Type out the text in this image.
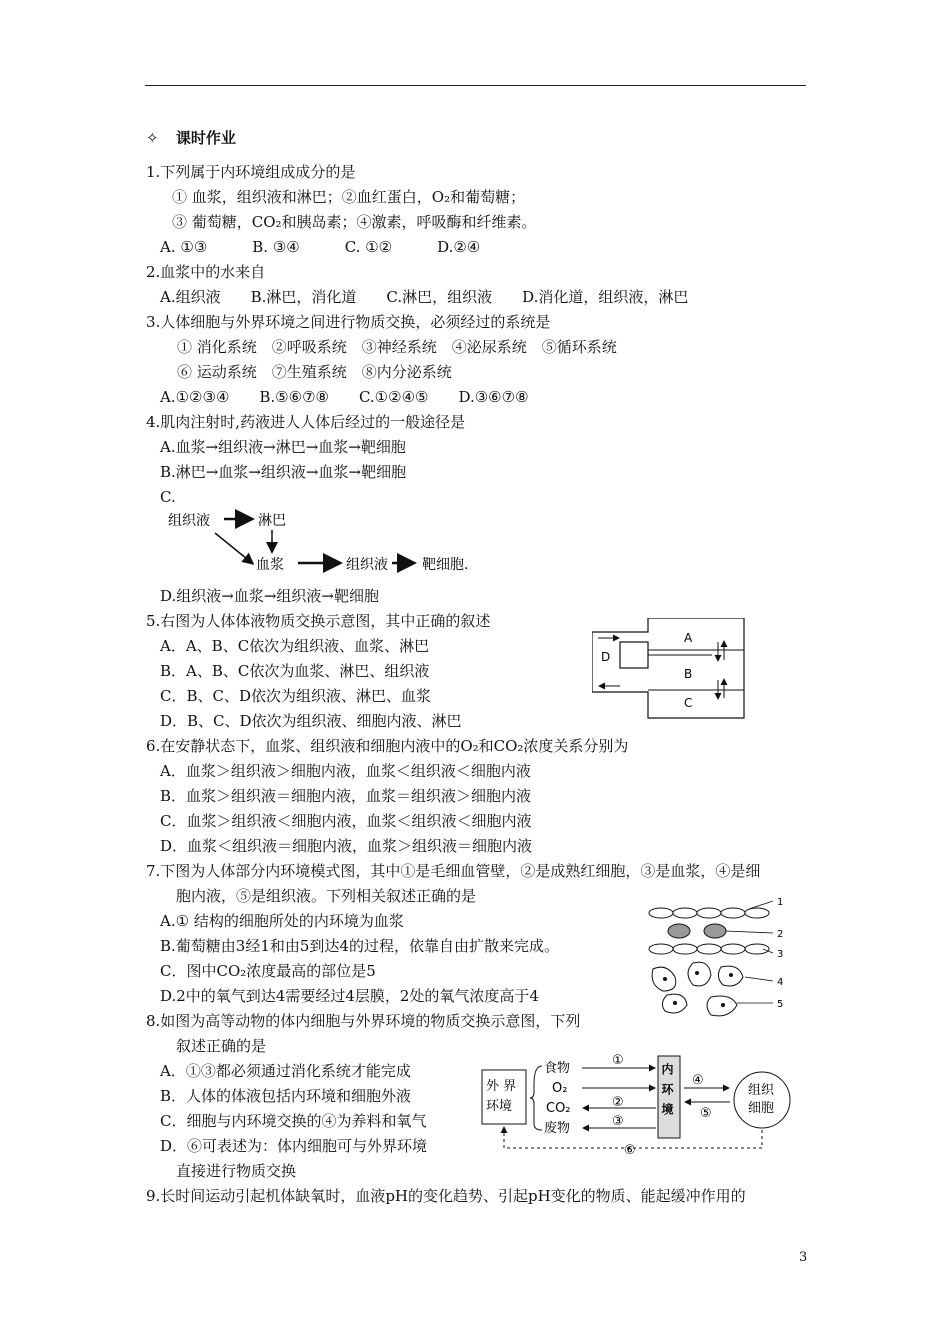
✧ 课时作业
1.下列属于内环境组成成分的是
① 血浆，组织液和淋巴；②血红蛋白，O₂和葡萄糖；
③ 葡萄糖，CO₂和胰岛素；④激素，呼吸酶和纤维素。
A. ①③　　　B. ③④　　　C. ①②　　　D.②④
2.血浆中的水来自
A.组织液　　B.淋巴，消化道　　C.淋巴，组织液　　D.消化道，组织液，淋巴
3.人体细胞与外界环境之间进行物质交换，必须经过的系统是
① 消化系统　②呼吸系统　③神经系统　④泌尿系统　⑤循环系统
⑥ 运动系统　⑦生殖系统　⑧内分泌系统
A.①②③④　　B.⑤⑥⑦⑧　　C.①②④⑤　　D.③⑥⑦⑧
4.肌肉注射时,药液进人人体后经过的一般途径是
A.血浆→组织液→淋巴→血浆→靶细胞
B.淋巴→血浆→组织液→血浆→靶细胞
C.
组织液	淋巴
血浆	组织液 靶细胞.
D.组织液→血浆→组织液→靶细胞
5.右图为人体体液物质交换示意图，其中正确的叙述
A．A、B、C依次为组织液、血浆、淋巴
B．A、B、C依次为血浆、淋巴、组织液
C．B、C、D依次为组织液、淋巴、血浆
D．B、C、D依次为组织液、细胞内液、淋巴
D
A
B
C
6.在安静状态下，血浆、组织液和细胞内液中的O₂和CO₂浓度关系分别为
A．血浆＞组织液＞细胞内液，血浆＜组织液＜细胞内液
B．血浆＞组织液＝细胞内液，血浆＝组织液＞细胞内液
C．血浆＞组织液＜细胞内液，血浆＜组织液＜细胞内液
D．血浆＜组织液＝细胞内液，血浆＞组织液＝细胞内液
7.下图为人体部分内环境模式图，其中①是毛细血管壁，②是成熟红细胞，③是血浆，④是细
胞内液，⑤是组织液。下列相关叙述正确的是
A.① 结构的细胞所处的内环境为血浆
B.葡萄糖由3经1和由5到达4的过程，依靠自由扩散来完成。
C．图中CO₂浓度最高的部位是5
D.2中的氧气到达4需要经过4层膜，2处的氧气浓度高于4
1
2
3
4
5
8.如图为高等动物的体内细胞与外界环境的物质交换示意图，下列
叙述正确的是
A．①③都必须通过消化系统才能完成
B．人体的体液包括内环境和细胞外液
C．细胞与内环境交换的④为养料和氧气
D．⑥可表述为：体内细胞可与外界环境
直接进行物质交换
外 界
环境
食物
O₂
CO₂
废物
①
②
③
内环境
④
⑤
组织
细胞
⑥
9.长时间运动引起机体缺氧时，血液pH的变化趋势、引起pH变化的物质、能起缓冲作用的
3
